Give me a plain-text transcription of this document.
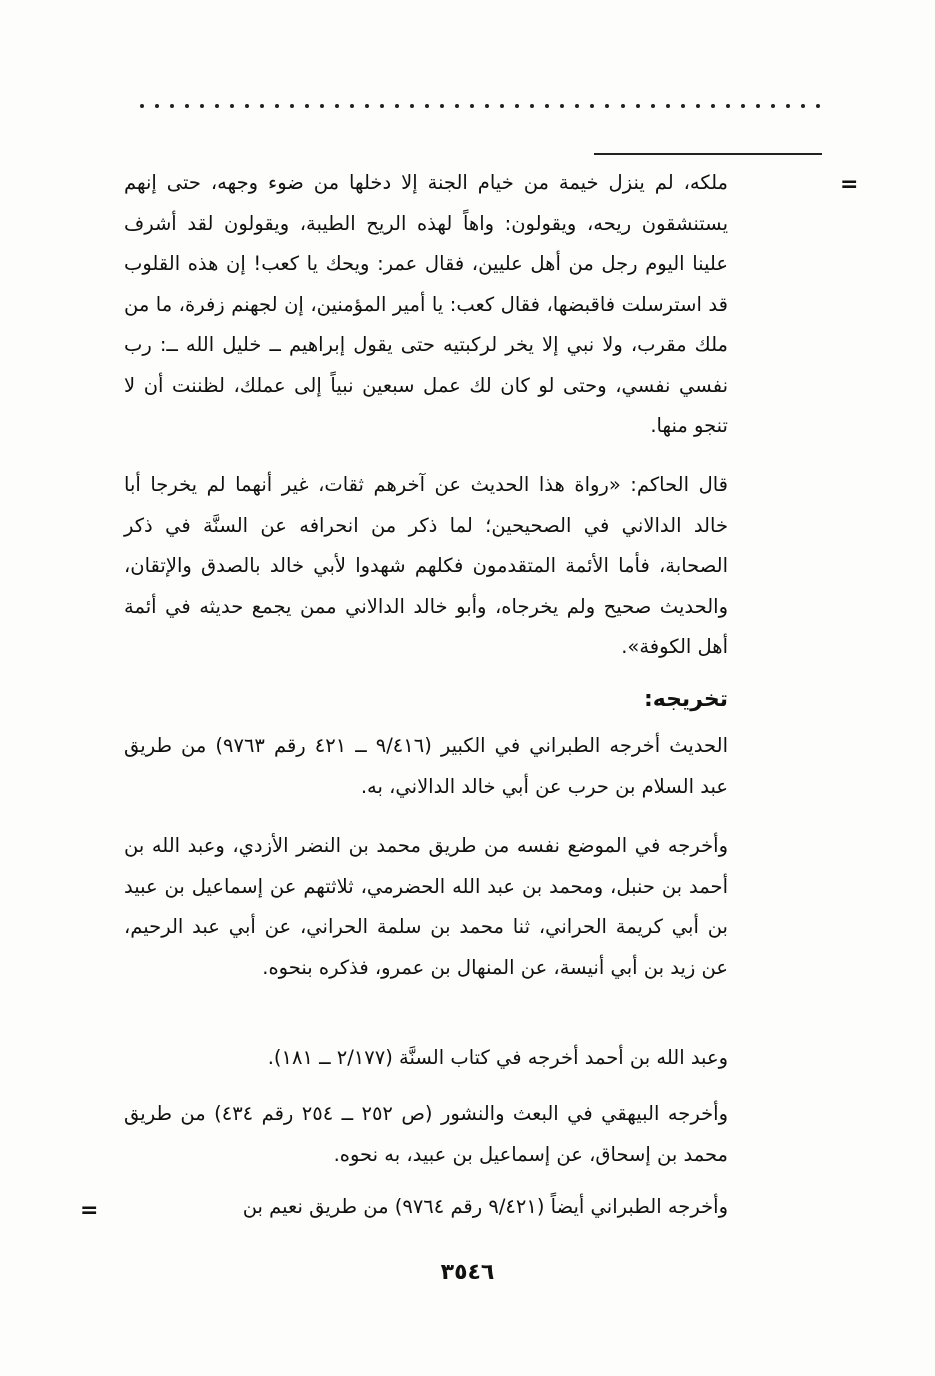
=
ملكه، لم ينزل خيمة من خيام الجنة إلا دخلها من ضوء وجهه، حتى إنهم يستنشقون ريحه، ويقولون: واهاً لهذه الريح الطيبة، ويقولون لقد أشرف علينا اليوم رجل من أهل عليين، فقال عمر: ويحك يا كعب! إن هذه القلوب قد استرسلت فاقبضها، فقال كعب: يا أمير المؤمنين، إن لجهنم زفرة، ما من ملك مقرب، ولا نبي إلا يخر لركبتيه حتى يقول إبراهيم ــ خليل الله ــ: رب نفسي نفسي، وحتى لو كان لك عمل سبعين نبياً إلى عملك، لظننت أن لا تنجو منها.
قال الحاكم: «رواة هذا الحديث عن آخرهم ثقات، غير أنهما لم يخرجا أبا خالد الدالاني في الصحيحين؛ لما ذكر من انحرافه عن السنَّة في ذكر الصحابة، فأما الأئمة المتقدمون فكلهم شهدوا لأبي خالد بالصدق والإتقان، والحديث صحيح ولم يخرجاه، وأبو خالد الدالاني ممن يجمع حديثه في أئمة أهل الكوفة».
تخريجه:
الحديث أخرجه الطبراني في الكبير (٩/٤١٦ ــ ٤٢١ رقم ٩٧٦٣) من طريق عبد السلام بن حرب عن أبي خالد الدالاني، به.
وأخرجه في الموضع نفسه من طريق محمد بن النضر الأزدي، وعبد الله بن أحمد بن حنبل، ومحمد بن عبد الله الحضرمي، ثلاثتهم عن إسماعيل بن عبيد بن أبي كريمة الحراني، ثنا محمد بن سلمة الحراني، عن أبي عبد الرحيم، عن زيد بن أبي أنيسة، عن المنهال بن عمرو، فذكره بنحوه.
وعبد الله بن أحمد أخرجه في كتاب السنَّة (٢/١٧٧ ــ ١٨١).
وأخرجه البيهقي في البعث والنشور (ص ٢٥٢ ــ ٢٥٤ رقم ٤٣٤) من طريق محمد بن إسحاق، عن إسماعيل بن عبيد، به نحوه.
وأخرجه الطبراني أيضاً (٩/٤٢١ رقم ٩٧٦٤) من طريق نعيم بن
=
٣٥٤٦
